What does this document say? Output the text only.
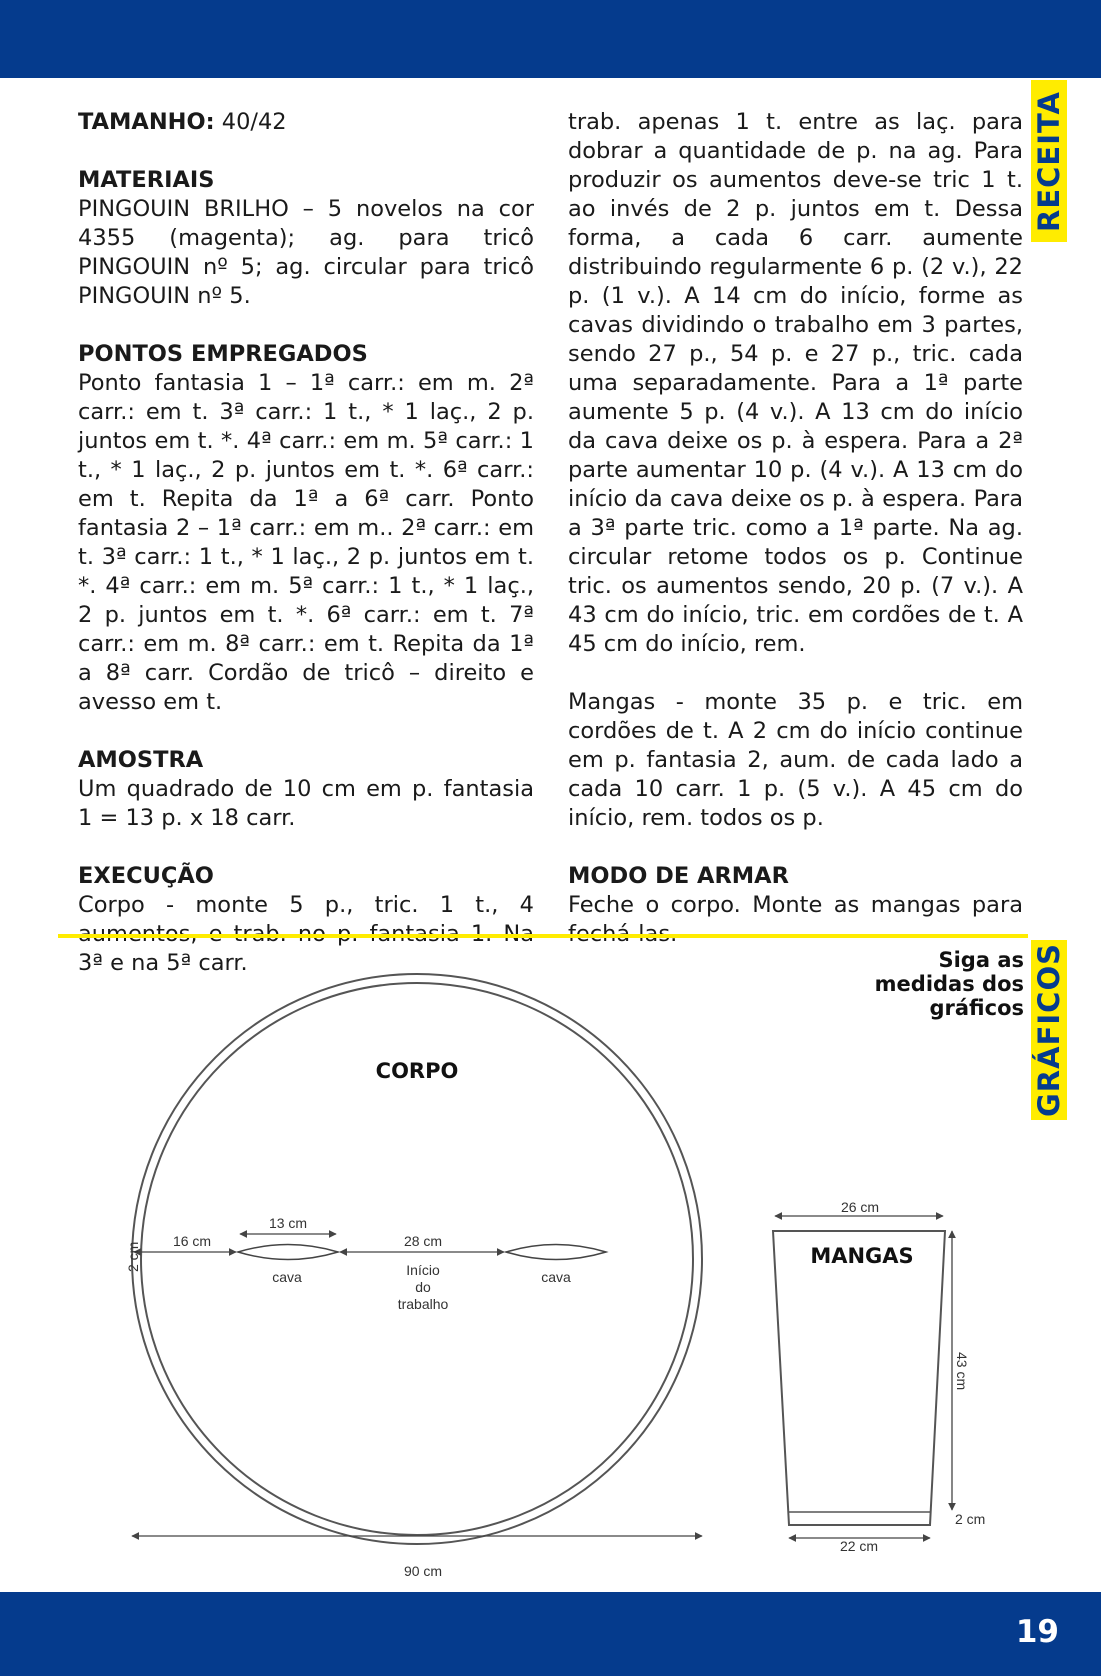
RECEITA

TAMANHO: 40/42

MATERIAIS

PINGOUIN BRILHO – 5 novelos na cor 4355 (magenta); ag. para tricô PINGOUIN nº 5; ag. circular para tricô PINGOUIN nº 5.

PONTOS EMPREGADOS

Ponto fantasia 1 – 1ª carr.: em m. 2ª carr.: em t. 3ª carr.: 1 t., * 1 laç., 2 p. juntos em t. *. 4ª carr.: em m. 5ª carr.: 1 t., * 1 laç., 2 p. juntos em t. *. 6ª carr.: em t. Repita da 1ª a 6ª carr. Ponto fantasia 2 – 1ª carr.: em m.. 2ª carr.: em t. 3ª carr.: 1 t., * 1 laç., 2 p. juntos em t. *. 4ª carr.: em m. 5ª carr.: 1 t., * 1 laç., 2 p. juntos em t. *. 6ª carr.: em t. 7ª carr.: em m. 8ª carr.: em t. Repita da 1ª a 8ª carr. Cordão de tricô – direito e avesso em t.

AMOSTRA

Um quadrado de 10 cm em p. fantasia 1 = 13 p. x 18 carr.

EXECUÇÃO

Corpo - monte 5 p., tric. 1 t., 4 3ª e na 5ª carr.

trab. apenas 1 t. entre as laç. para dobrar a quantidade de p. na ag. Para produzir os aumentos deve-se tric 1 t. ao invés de 2 p. juntos em t. Dessa forma, a cada 6 carr. aumente distribuindo regularmente 6 p. (2 v.), 22 p. (1 v.). A 14 cm do início, forme as cavas dividindo o trabalho em 3 partes, sendo 27 p., 54 p. e 27 p., tric. cada uma separadamente. Para a 1ª parte aumente 5 p. (4 v.). A 13 cm do início da cava deixe os p. à espera. Para a 2ª parte aumentar 10 p. (4 v.). A 13 cm do início da cava deixe os p. à espera. Para a 3ª parte tric. como a 1ª parte. Na ag. circular retome todos os p. Continue tric. os aumentos sendo, 20 p. (7 v.). A 43 cm do início, tric. em cordões de t. A 45 cm do início, rem.

Mangas - monte 35 p. e tric. em cordões de t. A 2 cm do início continue em p. fantasia 2, aum. de cada lado a cada 10 carr. 1 p. (5 v.). A 45 cm do início, rem. todos os p.

MODO DE ARMAR

Feche o corpo. Monte as mangas para

Siga as
medidas dos
gráficos GRÁFICOS
CORPO
16 cm
13 cm
cava
28 cm
cava
Início
do
trabalho
2 cm
90 cm
MANGAS
26 cm
43 cm
2 cm
22 cm
19
